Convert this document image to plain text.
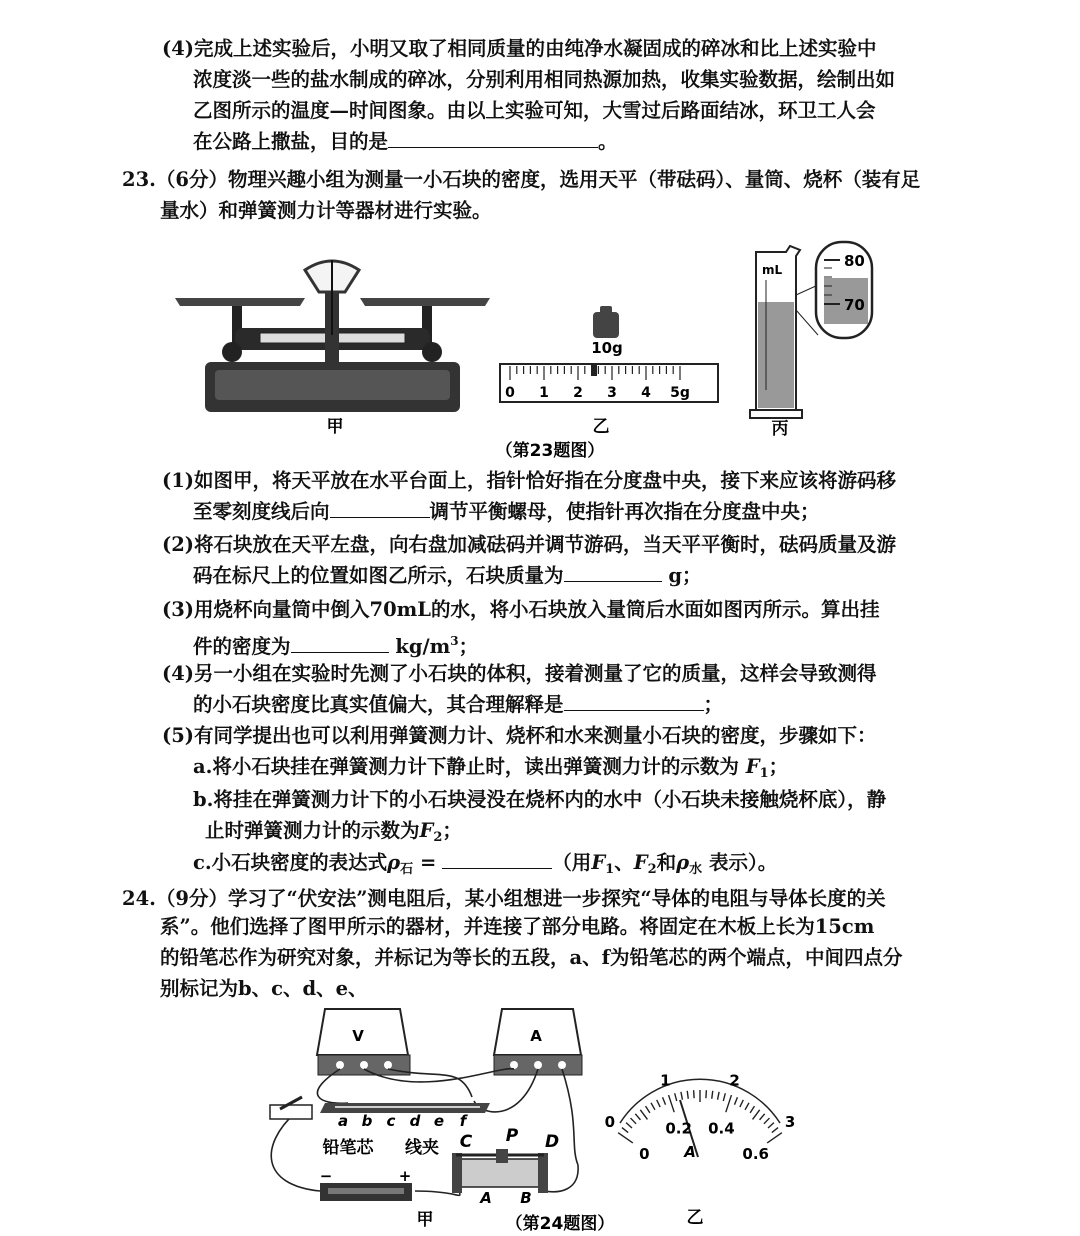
(4)完成上述实验后，小明又取了相同质量的由纯净水凝固成的碎冰和比上述实验中
浓度淡一些的盐水制成的碎冰，分别利用相同热源加热，收集实验数据，绘制出如
乙图所示的温度—时间图象。由以上实验可知，大雪过后路面结冰，环卫工人会
在公路上撒盐，目的是	。
23.（6分）物理兴趣小组为测量一小石块的密度，选用天平（带砝码）、量筒、烧杯（装有足
量水）和弹簧测力计等器材进行实验。
甲
10g
0 1 2 3 4 5g
乙
mL	80
70
丙
（第23题图）
(1)如图甲，将天平放在水平台面上，指针恰好指在分度盘中央，接下来应该将游码移
至零刻度线后向	调节平衡螺母，使指针再次指在分度盘中央；
(2)将石块放在天平左盘，向右盘加减砝码并调节游码，当天平平衡时，砝码质量及游
码在标尺上的位置如图乙所示，石块质量为	g；
(3)用烧杯向量筒中倒入70mL的水，将小石块放入量筒后水面如图丙所示。算出挂
件的密度为	$kg/m^3$；
(4)另一小组在实验时先测了小石块的体积，接着测量了它的质量，这样会导致测得
的小石块密度比真实值偏大，其合理解释是	；
(5)有同学提出也可以利用弹簧测力计、烧杯和水来测量小石块的密度，步骤如下：
a.将小石块挂在弹簧测力计下静止时，读出弹簧测力计的示数为 $F_1$；
b.将挂在弹簧测力计下的小石块浸没在烧杯内的水中（小石块未接触烧杯底），静
止时弹簧测力计的示数为$F_2$；
c.小石块密度的表达式$\rho_石$ =	（用$F_1$、$F_2$和$\rho_水$ 表示）。
24.（9分）学习了“伏安法”测电阻后，某小组想进一步探究“导体的电阻与导体长度的关
系”。他们选择了图甲所示的器材，并连接了部分电路。将固定在木板上长为15cm
的铅笔芯作为研究对象，并标记为等长的五段，a、f为铅笔芯的两个端点，中间四点分
别标记为b、c、d、e、
V	A
a b c d e f
铅笔芯 线夹
−	+
C P D
A B
0
1	2
3
0
0.2 0.4
0.6
A
甲	（第24题图）	乙
